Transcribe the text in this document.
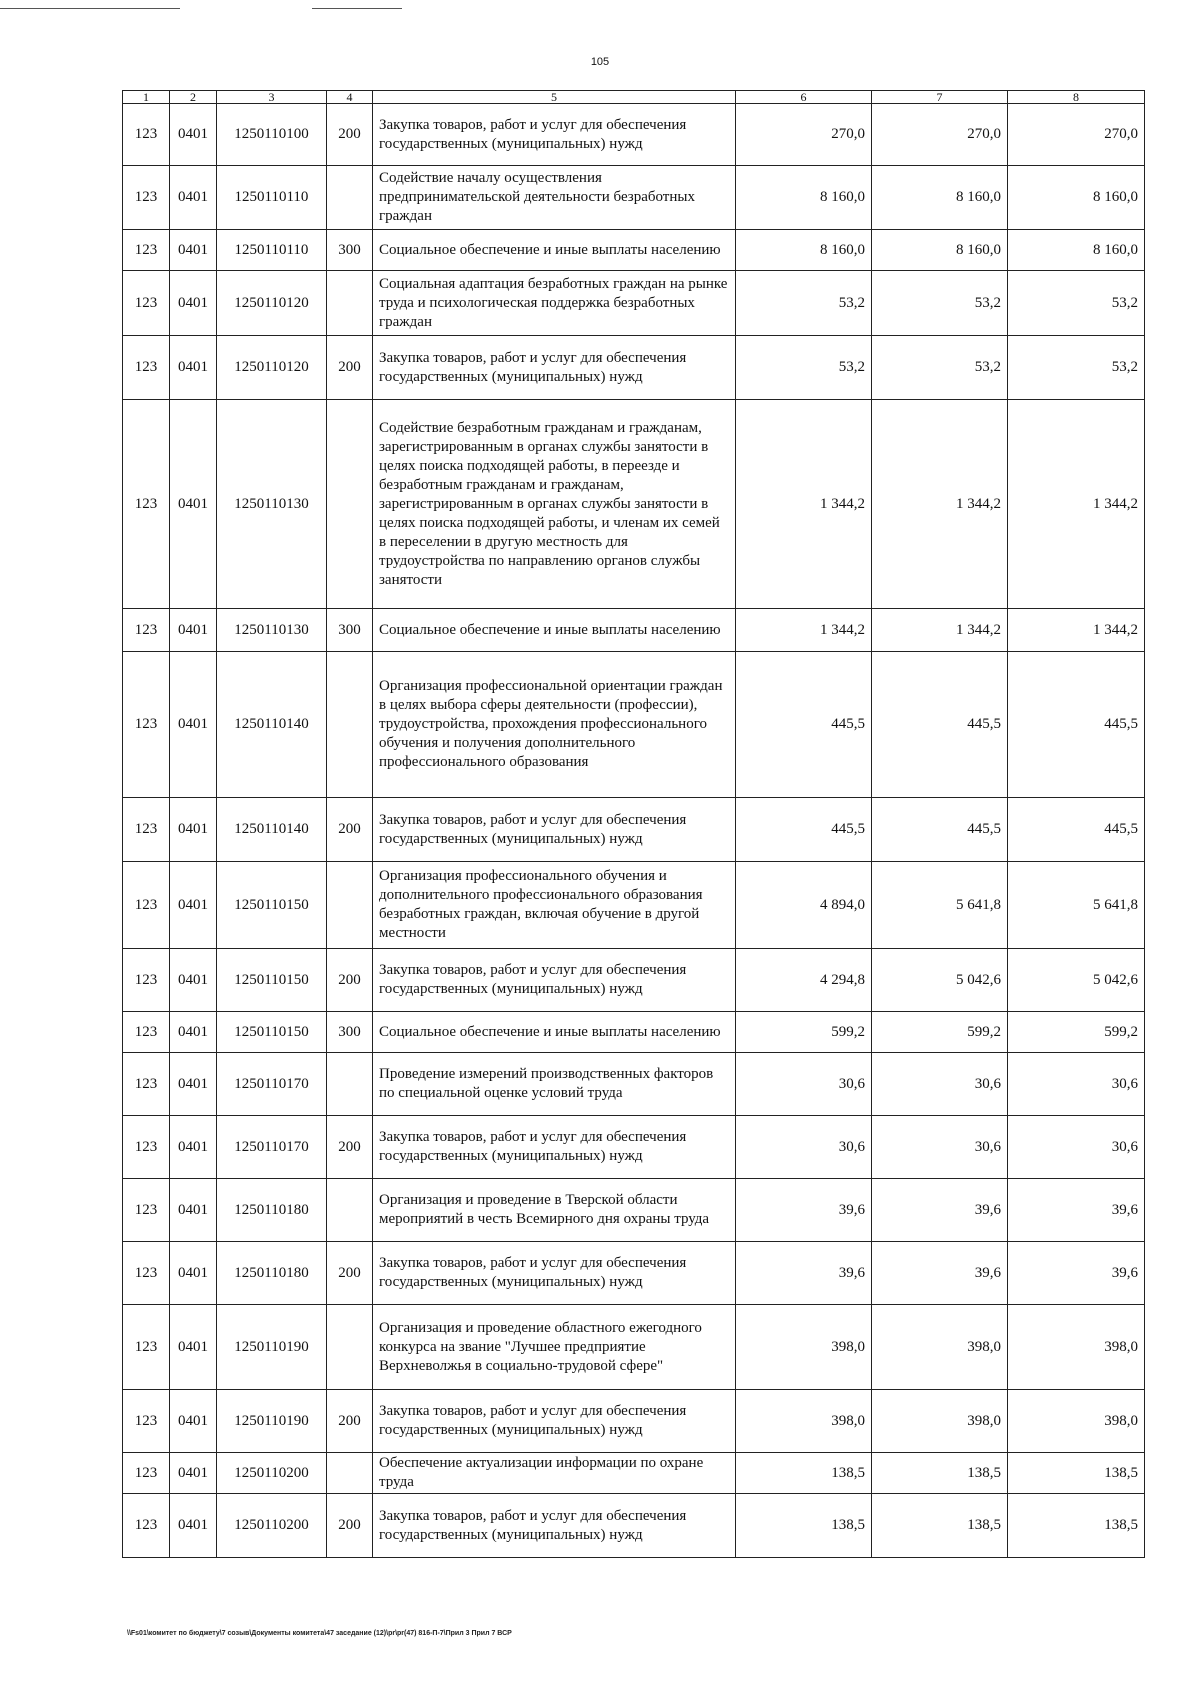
105
1	2	3	4	5	6	7	8
123	0401	1250110100	200	Закупка товаров, работ и услуг для обеспечения государственных (муниципальных) нужд	270,0	270,0	270,0
123	0401	1250110110		Содействие началу осуществления предпринимательской деятельности безработных граждан	8 160,0	8 160,0	8 160,0
123	0401	1250110110	300	Социальное обеспечение и иные выплаты населению	8 160,0	8 160,0	8 160,0
123	0401	1250110120		Социальная адаптация безработных граждан на рынке труда и психологическая поддержка безработных граждан	53,2	53,2	53,2
123	0401	1250110120	200	Закупка товаров, работ и услуг для обеспечения государственных (муниципальных) нужд	53,2	53,2	53,2
123	0401	1250110130		Содействие безработным гражданам и гражданам, зарегистрированным в органах службы занятости в целях поиска подходящей работы, в переезде и безработным гражданам и гражданам, зарегистрированным в органах службы занятости в целях поиска подходящей работы, и членам их семей в переселении в другую местность для трудоустройства по направлению органов службы занятости	1 344,2	1 344,2	1 344,2
123	0401	1250110130	300	Социальное обеспечение и иные выплаты населению	1 344,2	1 344,2	1 344,2
123	0401	1250110140		Организация профессиональной ориентации граждан в целях выбора сферы деятельности (профессии), трудоустройства, прохождения профессионального обучения и получения дополнительного профессионального образования	445,5	445,5	445,5
123	0401	1250110140	200	Закупка товаров, работ и услуг для обеспечения государственных (муниципальных) нужд	445,5	445,5	445,5
123	0401	1250110150		Организация профессионального обучения и дополнительного профессионального образования безработных граждан, включая обучение в другой местности	4 894,0	5 641,8	5 641,8
123	0401	1250110150	200	Закупка товаров, работ и услуг для обеспечения государственных (муниципальных) нужд	4 294,8	5 042,6	5 042,6
123	0401	1250110150	300	Социальное обеспечение и иные выплаты населению	599,2	599,2	599,2
123	0401	1250110170		Проведение измерений производственных факторов по специальной оценке условий труда	30,6	30,6	30,6
123	0401	1250110170	200	Закупка товаров, работ и услуг для обеспечения государственных (муниципальных) нужд	30,6	30,6	30,6
123	0401	1250110180		Организация и проведение в Тверской области мероприятий в честь Всемирного дня охраны труда	39,6	39,6	39,6
123	0401	1250110180	200	Закупка товаров, работ и услуг для обеспечения государственных (муниципальных) нужд	39,6	39,6	39,6
123	0401	1250110190		Организация и проведение областного ежегодного конкурса на звание "Лучшее предприятие Верхневолжья в социально-трудовой сфере"	398,0	398,0	398,0
123	0401	1250110190	200	Закупка товаров, работ и услуг для обеспечения государственных (муниципальных) нужд	398,0	398,0	398,0
123	0401	1250110200		Обеспечение актуализации информации по охране труда	138,5	138,5	138,5
123	0401	1250110200	200	Закупка товаров, работ и услуг для обеспечения государственных (муниципальных) нужд	138,5	138,5	138,5
\\Fs01\комитет по бюджету\7 созыв\Документы комитета\47 заседание (12)\pr\pr(47) 816-П-7\Прил 3 Прил 7 ВСР
